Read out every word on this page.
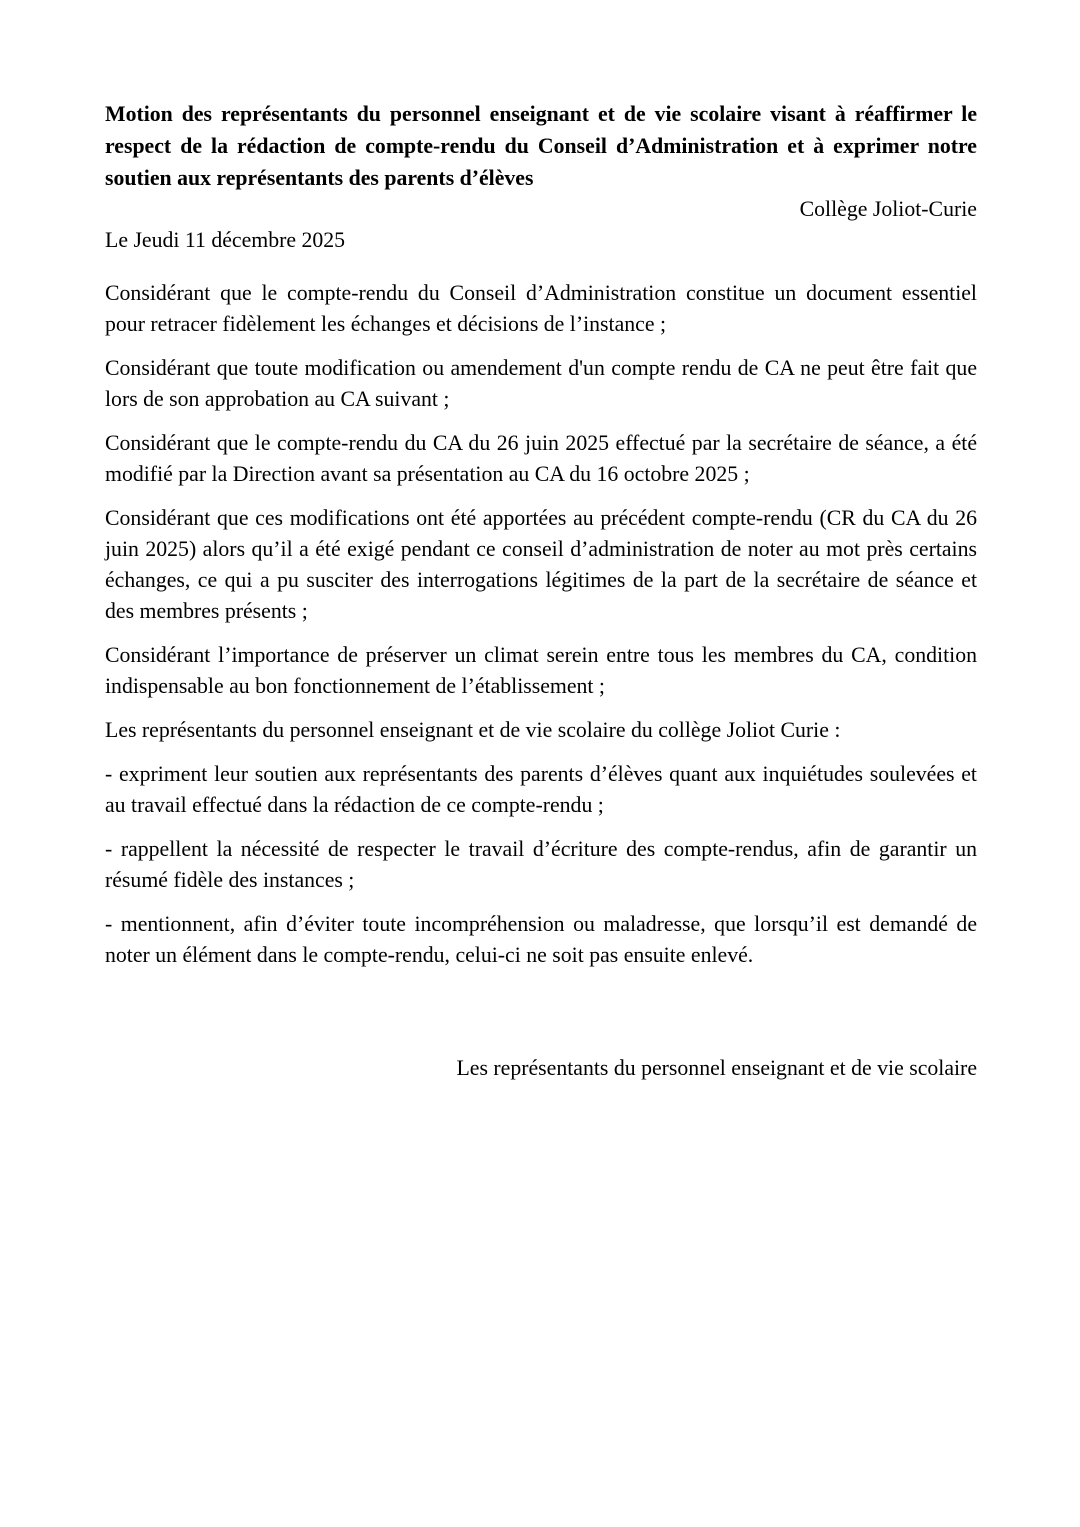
Motion des représentants du personnel enseignant et de vie scolaire visant à réaffirmer le respect de la rédaction de compte-rendu du Conseil d’Administration et à exprimer notre soutien aux représentants des parents d’élèves

Collège Joliot-Curie

Le Jeudi 11 décembre 2025

Considérant que le compte-rendu du Conseil d’Administration constitue un document essentiel pour retracer fidèlement les échanges et décisions de l’instance ;

Considérant que toute modification ou amendement d'un compte rendu de CA ne peut être fait que lors de son approbation au CA suivant ;

Considérant que le compte-rendu du CA du 26 juin 2025 effectué par la secrétaire de séance, a été modifié par la Direction avant sa présentation au CA du 16 octobre 2025 ;

Considérant que ces modifications ont été apportées au précédent compte-rendu (CR du CA du 26 juin 2025) alors qu’il a été exigé pendant ce conseil d’administration de noter au mot près certains échanges, ce qui a pu susciter des interrogations légitimes de la part de la secrétaire de séance et des membres présents ;

Considérant l’importance de préserver un climat serein entre tous les membres du CA, condition indispensable au bon fonctionnement de l’établissement ;

Les représentants du personnel enseignant et de vie scolaire du collège Joliot Curie :

- expriment leur soutien aux représentants des parents d’élèves quant aux inquiétudes soulevées et au travail effectué dans la rédaction de ce compte-rendu ;

- rappellent la nécessité de respecter le travail d’écriture des compte-rendus, afin de garantir un résumé fidèle des instances ;

- mentionnent, afin d’éviter toute incompréhension ou maladresse, que lorsqu’il est demandé de noter un élément dans le compte-rendu, celui-ci ne soit pas ensuite enlevé.

Les représentants du personnel enseignant et de vie scolaire
